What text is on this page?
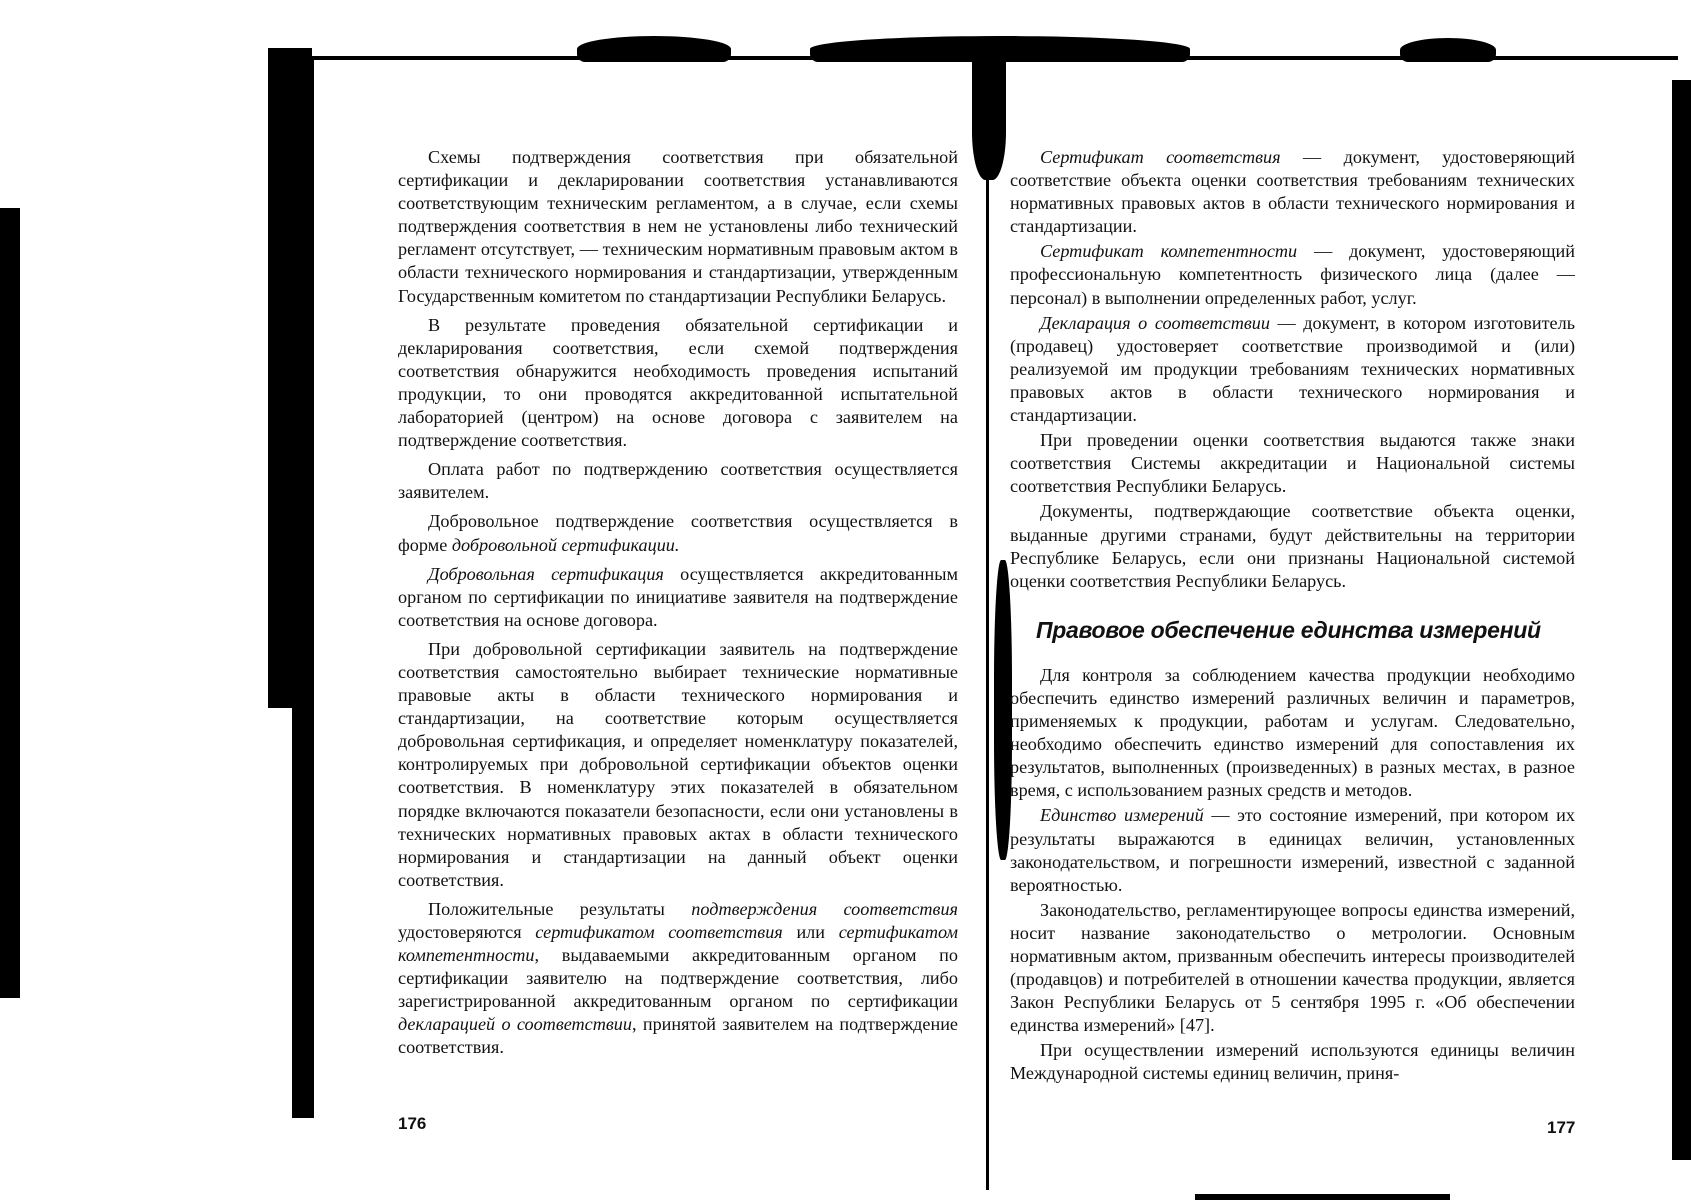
Схемы подтверждения соответствия при обязательной сертификации и декларировании соответствия устанавливаются соответствующим техническим регламентом, а в случае, если схемы подтверждения соответствия в нем не установлены либо технический регламент отсутствует, — техническим нормативным правовым актом в области технического нормирования и стандартизации, утвержденным Государственным комитетом по стандартизации Республики Беларусь.

В результате проведения обязательной сертификации и декларирования соответствия, если схемой подтверждения соответствия обнаружится необходимость проведения испытаний продукции, то они проводятся аккредитованной испытательной лабораторией (центром) на основе договора с заявителем на подтверждение соответствия.

Оплата работ по подтверждению соответствия осуществляется заявителем.

Добровольное подтверждение соответствия осуществляется в форме добровольной сертификации.

Добровольная сертификация осуществляется аккредитованным органом по сертификации по инициативе заявителя на подтверждение соответствия на основе договора.

При добровольной сертификации заявитель на подтверждение соответствия самостоятельно выбирает технические нормативные правовые акты в области технического нормирования и стандартизации, на соответствие которым осуществляется добровольная сертификация, и определяет номенклатуру показателей, контролируемых при добровольной сертификации объектов оценки соответствия. В номенклатуру этих показателей в обязательном порядке включаются показатели безопасности, если они установлены в технических нормативных правовых актах в области технического нормирования и стандартизации на данный объект оценки соответствия.

Положительные результаты подтверждения соответствия удостоверяются сертификатом соответствия или сертификатом компетентности, выдаваемыми аккредитованным органом по сертификации заявителю на подтверждение соответствия, либо зарегистрированной аккредитованным органом по сертификации декларацией о соответствии, принятой заявителем на подтверждение соответствия.

176

Сертификат соответствия — документ, удостоверяющий соответствие объекта оценки соответствия требованиям технических нормативных правовых актов в области технического нормирования и стандартизации.

Сертификат компетентности — документ, удостоверяющий профессиональную компетентность физического лица (далее — персонал) в выполнении определенных работ, услуг.

Декларация о соответствии — документ, в котором изготовитель (продавец) удостоверяет соответствие производимой и (или) реализуемой им продукции требованиям технических нормативных правовых актов в области технического нормирования и стандартизации.

При проведении оценки соответствия выдаются также знаки соответствия Системы аккредитации и Национальной системы соответствия Республики Беларусь.

Документы, подтверждающие соответствие объекта оценки, выданные другими странами, будут действительны на территории Республике Беларусь, если они признаны Национальной системой оценки соответствия Республики Беларусь.

Правовое обеспечение единства измерений

Для контроля за соблюдением качества продукции необходимо обеспечить единство измерений различных величин и параметров, применяемых к продукции, работам и услугам. Следовательно, необходимо обеспечить единство измерений для сопоставления их результатов, выполненных (произведенных) в разных местах, в разное время, с использованием разных средств и методов.

Единство измерений — это состояние измерений, при котором их результаты выражаются в единицах величин, установленных законодательством, и погрешности измерений, известной с заданной вероятностью.

Законодательство, регламентирующее вопросы единства измерений, носит название законодательство о метрологии. Основным нормативным актом, призванным обеспечить интересы производителей (продавцов) и потребителей в отношении качества продукции, является Закон Республики Беларусь от 5 сентября 1995 г. «Об обеспечении единства измерений» [47].

При осуществлении измерений используются единицы величин Международной системы единиц величин, приня-

177
